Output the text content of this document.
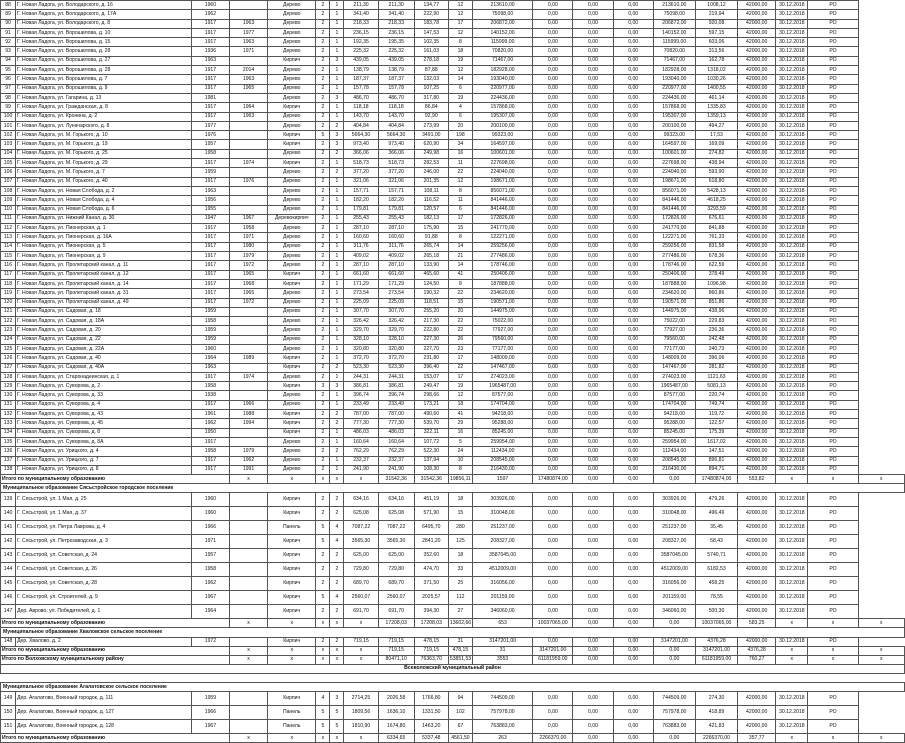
88	Г. Новая Ладога, ул. Володарского, д. 16	1960		Дерево	2	1	211,30	211,30	134,77	12	213610,00	0,00	0,00	0,00	213610,00	1008,12	42000,00	30.12.2018	РО	
89	Г. Новая Ладога, ул. Володарского, д. 17А	1962		Дерево	2	1	341,40	341,40	222,90	12	75098,00	0,00	0,00	0,00	75098,00	219,94	42000,00	30.12.2018	РО	
90	Г. Новая Ладога, ул. Володарского, д. 8	1917	1963	Дерево	2	1	218,33	218,33	183,78	17	206872,00	0,00	0,00	0,00	206872,00	920,08	42000,00	30.12.2018	РО	
91	Г. Новая Ладога, ул. Ворошилова, д. 10	1917	1977	Дерево	2	1	236,15	236,15	147,53	12	140152,00	0,00	0,00	0,00	140152,00	597,15	42000,00	30.12.2018	РО	
92	Г. Новая Ладога, ул. Ворошилова, д. 15	1917	1963	Дерево	2	1	192,35	195,35	102,35	8	115999,00	0,00	0,00	0,00	115999,00	603,06	42000,00	30.12.2018	РО	
93	Г. Новая Ладога, ул. Ворошилова, д. 28	1936	1971	Дерево	2	1	225,32	225,32	161,03	18	70820,00	0,00	0,00	0,00	70820,00	313,56	42000,00	30.12.2018	РО	
94	Г. Новая Ладога, ул. Ворошилова, д. 27	1963		Кирпич	2	3	439,05	439,05	278,18	19	71467,00	0,00	0,00	0,00	71467,00	162,78	42000,00	30.12.2018	РО	
95	Г. Новая Ладога, ул. Ворошилова, д. 28	1917	2014	Дерево	2	1	138,79	138,79	87,88	12	182928,00	0,00	0,00	0,00	182928,00	1318,02	42000,00	30.12.2018	РО	
96	Г. Новая Ладога, ул. Ворошилова, д. 7	1917	1963	Дерево	2	1	187,37	187,37	132,03	14	193040,00	0,00	0,00	0,00	193040,00	1030,26	42000,00	30.12.2018	РО	
97	Г. Новая Ладога, ул. Ворошилова, д. 9	1917	1965	Дерево	2	1	157,78	157,78	107,25	6	220977,00	0,00	0,00	0,00	220977,00	1400,55	42000,00	30.12.2018	РО	
98	Г. Новая Ладога, ул. Гагарина, д. 13	1981		Дерево	2	3	486,70	486,70	317,80	19	224436,00	0,00	0,00	0,00	224436,00	461,14	42000,00	30.12.2018	РО	
99	Г. Новая Ладога, ул. Гражданская, д. 8	1917	1964	Кирпич	2	1	118,18	118,18	86,84	4	157868,00	0,00	0,00	0,00	157868,00	1335,83	42000,00	30.12.2018	РО	
100	Г. Новая Ладога, ул. Кронина, д. 2	1917	1963	Дерево	2	1	143,70	143,70	92,90	6	195307,00	0,00	0,00	0,00	195307,00	1359,13	42000,00	30.12.2018	РО	
101	Г. Новая Ладога, ул. Луначарского, д. 8	1977		Дерево	2	2	404,84	404,84	273,99	20	200100,00	0,00	0,00	0,00	200100,00	494,27	42000,00	30.12.2018	РО	
102	Г. Новая Ладога, ул. М. Горького, д. 10	1976		Кирпич	5	3	5664,30	5664,30	3491,00	198	99323,00	0,00	0,00	0,00	99323,00	17,53	42000,00	30.12.2018	РО	
103	Г. Новая Ладога, ул. М. Горького, д. 19	1957		Кирпич	2	3	973,40	973,40	620,90	34	164597,00	0,00	0,00	0,00	164597,00	169,09	42000,00	30.12.2018	РО	
104	Г. Новая Ладога, ул. М. Горького, д. 25	1958		Дерево	2	2	366,06	366,06	249,98	16	100601,00	0,00	0,00	0,00	100601,00	274,82	42000,00	30.12.2018	РО	
105	Г. Новая Ладога, ул. М. Горького, д. 29	1917	1974	Кирпич	2	1	518,73	518,73	282,53	11	227698,00	0,00	0,00	0,00	227698,00	438,94	42000,00	30.12.2018	РО	
106	Г. Новая Ладога, ул. М. Горького, д. 7	1959		Дерево	2	2	377,20	377,20	246,00	22	224040,00	0,00	0,00	0,00	224040,00	593,90	42000,00	30.12.2018	РО	
107	Г. Новая Ладога, ул. М. Горького, д. 40	1917	1976	Дерево	2	1	321,06	321,06	201,35	12	198671,00	0,00	0,00	0,00	198671,00	618,80	42000,00	30.12.2018	РО	
108	Г. Новая Ладога, ул. Новая Слобода, д. 2	1963		Дерево	2	1	157,71	157,71	108,11	8	856071,00	0,00	0,00	0,00	856071,00	5428,13	42000,00	30.12.2018	РО	
109	Г. Новая Ладога, ул. Новая Слобода, д. 4	1956		Дерево	2	1	182,20	182,20	116,52	11	841446,00	0,00	0,00	0,00	841446,00	4618,25	42000,00	30.12.2018	РО	
110	Г. Новая Ладога, ул. Новая Слобода, д. 6	1955		Дерево	2	1	179,81	179,81	120,57	6	841446,00	0,00	0,00	0,00	841446,00	3293,59	42000,00	30.12.2018	РО	
111	Г. Новая Ладога, ул. Нижний Канал, д. 30	1947	1967	Деревокирпич	2	1	255,43	255,43	182,13	17	172826,00	0,00	0,00	0,00	172826,00	676,61	42000,00	30.12.2018	РО	
112	Г. Новая Ладога, ул. Пионерская, д. 1	1917	1958	Дерево	2	1	287,10	287,10	175,90	15	241770,00	0,00	0,00	0,00	241770,00	841,88	42000,00	30.12.2018	РО	
113	Г. Новая Ладога, ул. Пионерская, д. 16А	1917	1971	Дерево	2	1	160,60	160,60	91,88	8	122271,00	0,00	0,00	0,00	122271,00	761,33	42000,00	30.12.2018	РО	
114	Г. Новая Ладога, ул. Пионерская, д. 5	1917	1980	Дерево	2	1	311,76	311,76	265,74	14	259256,00	0,00	0,00	0,00	259256,00	831,58	42000,00	30.12.2018	РО	
115	Г. Новая Ладога, ул. Пионерская, д. 9	1917	1979	Дерево	2	1	409,02	409,02	265,18	21	277486,00	0,00	0,00	0,00	277486,00	678,36	42000,00	30.12.2018	РО	
116	Г. Новая Ладога, ул. Пролетарский канал, д. 11	1917	1972	Дерево	2	1	287,10	287,10	133,90	14	178746,00	0,00	0,00	0,00	178746,00	622,59	42000,00	30.12.2018	РО	
117	Г. Новая Ладога, ул. Пролетарский канал, д. 12	1917	1965	Кирпич	2	1	661,60	661,60	465,60	41	250406,00	0,00	0,00	0,00	250406,00	378,49	42000,00	30.12.2018	РО	
118	Г. Новая Ладога, ул. Пролетарский канал, д. 14	1917	1968	Кирпич	2	1	171,29	171,29	124,50	8	187888,00	0,00	0,00	0,00	187888,00	1096,98	42000,00	30.12.2018	РО	
119	Г. Новая Ладога, ул. Пролетарский канал, д. 31	1917	1965	Дерево	2	1	273,54	273,54	190,32	22	234620,00	0,00	0,00	0,00	234620,00	860,86	42000,00	30.12.2018	РО	
120	Г. Новая Ладога, ул. Пролетарский канал, д. 49	1917	1972	Дерево	2	1	225,09	225,09	118,51	15	190571,00	0,00	0,00	0,00	190571,00	851,86	42000,00	30.12.2018	РО	
121	Г. Новая Ладога, ул. Садовая, д. 18	1959		Дерево	2	1	307,70	307,70	255,20	20	144975,00	0,00	0,00	0,00	144975,00	438,96	42000,00	30.12.2018	РО	
122	Г. Новая Ладога, ул. Садовая, д. 18А	1958		Дерево	2	1	326,42	326,42	217,30	22	75022,00	0,00	0,00	0,00	75022,00	229,83	42000,00	30.12.2018	РО	
123	Г. Новая Ладога, ул. Садовая, д. 20	1959		Дерево	2	1	329,70	329,70	222,80	22	77927,00	0,00	0,00	0,00	77927,00	236,36	42000,00	30.12.2018	РО	
124	Г. Новая Ладога, ул. Садовая, д. 22	1959		Дерево	2	1	328,10	328,10	227,30	26	79560,00	0,00	0,00	0,00	79560,00	242,48	42000,00	30.12.2018	РО	
125	Г. Новая Ладога, ул. Садовая, д. 22А	1960		Дерево	2	1	320,80	320,80	227,70	23	77177,00	0,00	0,00	0,00	77177,00	240,73	42000,00	30.12.2018	РО	
126	Г. Новая Ладога, ул. Садовая, д. 40	1964	1989	Кирпич	2	1	372,70	372,70	231,80	17	148009,00	0,00	0,00	0,00	148009,00	396,06	42000,00	30.12.2018	РО	
127	Г. Новая Ладога, ул. Садовая, д. 40А	1963		Кирпич	2	2	523,30	523,30	396,40	22	147467,00	0,00	0,00	0,00	147467,00	281,82	42000,00	30.12.2018	РО	
128	Г. Новая Ладога, ул. Старонадеинская, д. 1	1917	1974	Дерево	2	1	244,31	244,31	153,07	17	274023,00	0,00	0,00	0,00	274023,00	1121,63	42000,00	30.12.2018	РО	
129	Г. Новая Ладога, ул. Суворова, д. 2	1958		Кирпич	3	3	386,81	386,81	249,47	19	1965487,00	0,00	0,00	0,00	1965487,00	5081,13	42000,00	30.12.2018	РО	
130	Г. Новая Ладога, ул. Суворова, д. 33	1938		Дерево	2	1	396,74	396,74	298,66	12	87577,00	0,00	0,00	0,00	87577,00	220,74	42000,00	30.12.2018	РО	
131	Г. Новая Ладога, ул. Суворова, д. 4	1917	1966	Дерево	2	1	233,49	233,49	173,21	18	174704,00	0,00	0,00	0,00	174704,00	749,74	42000,00	30.12.2018	РО	
132	Г. Новая Ладога, ул. Суворова, д. 43	1961	1988	Кирпич	2	2	787,00	787,00	490,60	41	94218,00	0,00	0,00	0,00	94218,00	119,72	42000,00	30.12.2018	РО	
133	Г. Новая Ладога, ул. Суворова, д. 45	1962	1994	Кирпич	2	2	777,30	777,30	539,70	29	95288,00	0,00	0,00	0,00	95288,00	122,57	42000,00	30.12.2018	РО	
134	Г. Новая Ладога, ул. Суворова, д. 8	1950		Кирпич	2	1	486,03	486,03	322,11	16	85245,00	0,00	0,00	0,00	85245,00	175,39	42000,00	30.12.2018	РО	
135	Г. Новая Ладога, ул. Суворова, д. 8А	1917		Дерево	2	1	160,64	160,64	107,72	5	259954,00	0,00	0,00	0,00	259954,00	1617,02	42000,00	30.12.2018	РО	
136	Г. Новая Ладога, ул. Урицкого, д. 4	1958	1979	Дерево	2	2	762,29	762,29	522,30	24	112434,00	0,00	0,00	0,00	112434,00	147,51	42000,00	30.12.2018	РО	
137	Г. Новая Ладога, ул. Урицкого, д. 7	1917	1962	Дерево	2	1	232,37	232,37	137,94	10	208545,00	0,00	0,00	0,00	208545,00	896,81	42000,00	30.12.2018	РО	
138	Г. Новая Ладога, ул. Урицкого, д. 8	1917	1991	Дерево	2	1	241,90	241,90	108,30	8	216430,00	0,00	0,00	0,00	216430,00	894,71	42000,00	30.12.2018	РО	
Итого по муниципальному образованию			x	x	x	x	x	31542,36	31542,36	19856,11	1597	17480874,00	0,00	0,00	0,00	17480874,00	553,82	x	x	x
Муниципальное образование Сясьстройское городское поселение																				
139	Г. Сясьстрой, ул. 1 Мая, д. 25	1960		Кирпич	2	2	634,16	634,16	451,19	18	303926,00	0,00	0,00	0,00	303926,00	479,26	42000,00	30.12.2018	РО	
140	Г. Сясьстрой, ул. 1 Мая, д. 37	1960		Кирпич	2	2	625,08	625,08	571,90	15	310048,00	0,00	0,00	0,00	310048,00	496,49	42000,00	30.12.2018	РО	
141	Г. Сясьстрой, ул. Петра Лаврова, д. 4	1966		Панель	5	4	7087,22	7087,22	6495,70	280	251237,00	0,00	0,00	0,00	251237,00	35,45	42000,00	30.12.2018	РО	
142	Г. Сясьстрой, ул. Петрозаводская, д. 3	1971		Кирпич	5	4	3565,30	3565,30	2841,20	125	208327,00	0,00	0,00	0,00	208327,00	58,43	42000,00	30.12.2018	РО	
143	Г. Сясьстрой, ул. Советская, д. 24	1957		Кирпич	2	2	625,00	625,00	352,60	18	3587045,00	0,00	0,00	0,00	3587045,00	5740,71	42000,00	30.12.2018	РО	
144	Г. Сясьстрой, ул. Советская, д. 26	1958		Кирпич	2	2	729,80	729,80	474,70	33	4512009,00	0,00	0,00	0,00	4512009,00	6182,53	42000,00	30.12.2018	РО	
145	Г. Сясьстрой, ул. Советская, д. 28	1962		Кирпич	2	2	689,70	689,70	371,50	25	316056,00	0,00	0,00	0,00	316056,00	458,25	42000,00	30.12.2018	РО	
146	Г. Сясьстрой, ул. Строителей, д. 9	1967		Кирпич	5	4	2560,07	2560,07	2025,57	112	201159,00	0,00	0,00	0,00	201159,00	78,55	42000,00	30.12.2018	РО	
147	Дер. Аврово, ул. Победителей, д. 1	1964		Кирпич	2	2	691,70	691,70	394,30	27	346060,00	0,00	0,00	0,00	346060,00	500,30	42000,00	30.12.2018	РО	
Итого по муниципальному образованию			x	x	x	x	x	17208,03	17208,03	13602,66	653	10037065,00	0,00	0,00	0,00	10037065,00	583,25	x	x	x
Муниципальное образование Хваловское сельское поселение																				
148	Дер. Хвалово, д. 2	1972		Кирпич	2	2	719,15	719,15	478,15	31	3147201,00	0,00	0,00	0,00	3147201,00	4376,28	42000,00	30.12.2018	РО	
Итого по муниципальному образованию			x	x	x	x	x	719,15	719,15	478,15	31	3147201,00	0,00	0,00	0,00	3147201,00	4376,28	x	x	x
Итого по Волховскому муниципальному району			x	x	x	x	x	80471,10	76363,70	53851,53	3553	61181959,00	0,00	0,00	0,00	61181959,00	760,27	x	x	x
Всеволожский муниципальный район																				

Муниципальное образование Агалатовское сельское поселение																				
149	Дер. Агалатово, Военный городок, д. 111	1959		Кирпич	4	3	2714,25	2026,58	1766,80	94	744509,00	0,00	0,00	0,00	744509,00	274,30	42000,00	30.12.2018	РО	
150	Дер. Агалатово, Военный городок, д. 127	1966		Панель	5	5	1809,56	1636,10	1331,50	102	757978,00	0,00	0,00	0,00	757978,00	418,89	42000,00	30.12.2018	РО	
151	Дер. Агалатово, Военный городок, д. 128	1967		Панель	5	5	1810,90	1674,80	1463,20	67	763883,00	0,00	0,00	0,00	763883,00	421,83	42000,00	30.12.2018	РО	
Итого по муниципальному образованию			x	x	x	x	x	6334,65	5337,48	4561,50	263	2266370,00	0,00	0,00	0,00	2266370,00	357,77	x	x	x
